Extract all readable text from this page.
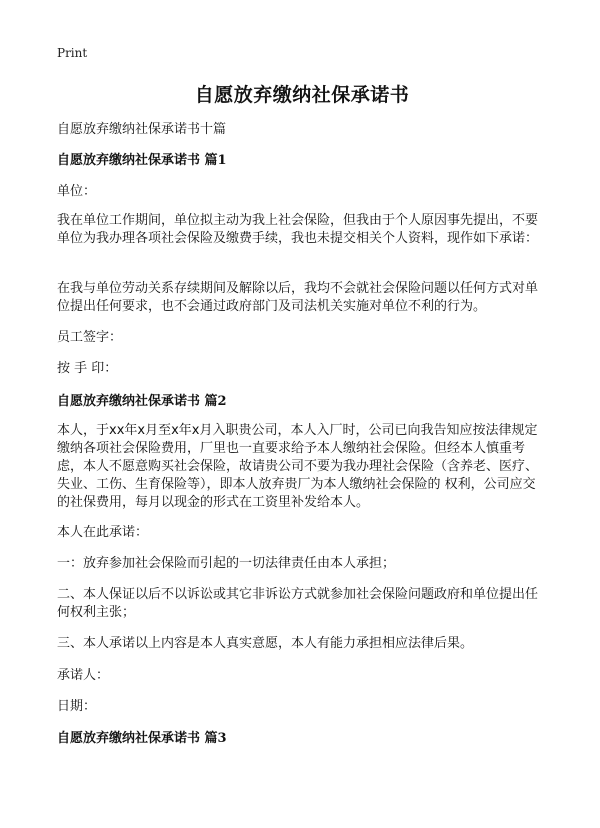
Print
自愿放弃缴纳社保承诺书

自愿放弃缴纳社保承诺书十篇

自愿放弃缴纳社保承诺书 篇1

单位：

我在单位工作期间，单位拟主动为我上社会保险，但我由于个人原因事先提出，不要单位为我办理各项社会保险及缴费手续，我也未提交相关个人资料，现作如下承诺：

在我与单位劳动关系存续期间及解除以后，我均不会就社会保险问题以任何方式对单位提出任何要求，也不会通过政府部门及司法机关实施对单位不利的行为。

员工签字：

按 手 印：

自愿放弃缴纳社保承诺书 篇2

本人，于xx年x月至x年x月入职贵公司，本人入厂时，公司已向我告知应按法律规定缴纳各项社会保险费用，厂里也一直要求给予本人缴纳社会保险。但经本人慎重考虑，本人不愿意购买社会保险，故请贵公司不要为我办理社会保险（含养老、医疗、失业、工伤、生育保险等），即本人放弃贵厂为本人缴纳社会保险的 权利，公司应交的社保费用，每月以现金的形式在工资里补发给本人。

本人在此承诺：

一：放弃参加社会保险而引起的一切法律责任由本人承担；

二、本人保证以后不以诉讼或其它非诉讼方式就参加社会保险问题政府和单位提出任何权利主张；

三、本人承诺以上内容是本人真实意愿，本人有能力承担相应法律后果。

承诺人：

日期：

自愿放弃缴纳社保承诺书 篇3
